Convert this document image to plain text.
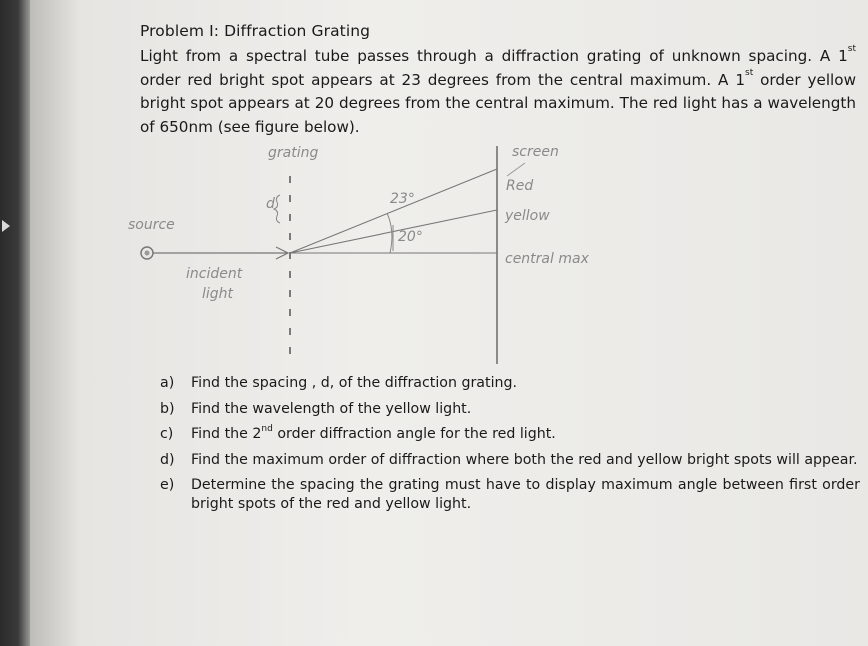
Problem I: Diffraction Grating
Light from a spectral tube passes through a diffraction grating of unknown spacing. A 1st order red bright spot appears at 23 degrees from the central maximum. A 1st order yellow bright spot appears at 20 degrees from the central maximum. The red light has a wavelength of 650nm (see figure below).
grating	screen
Red
yellow
central max
source
incident
light
d	23°
20°
a)	Find the spacing , d, of the diffraction grating.
b)	Find the wavelength of the yellow light.
c)	Find the 2nd order diffraction angle for the red light.
d)	Find the maximum order of diffraction where both the red and yellow bright spots will appear.
e)	Determine the spacing the grating must have to display maximum angle between first order bright spots of the red and yellow light.
